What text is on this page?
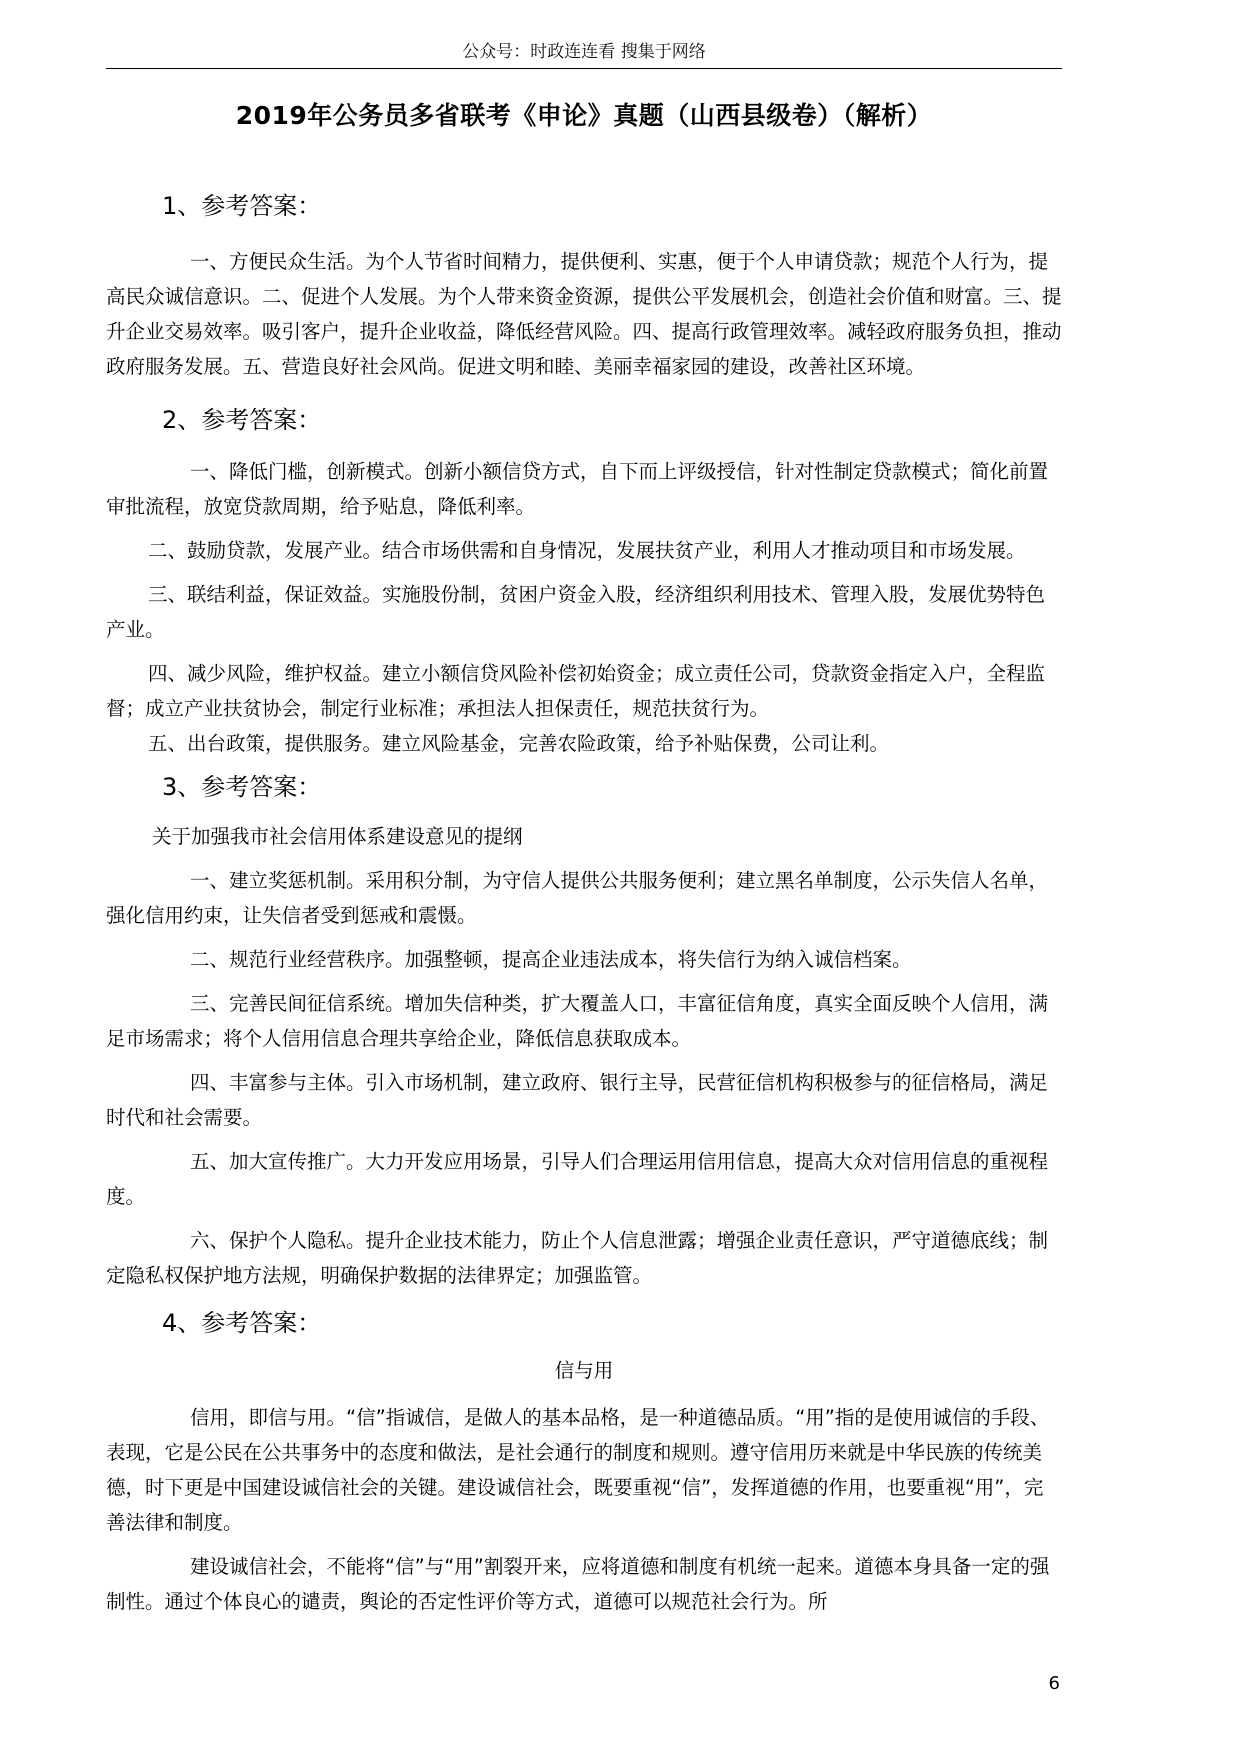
公众号：时政连连看 搜集于网络
2019年公务员多省联考《申论》真题（山西县级卷）（解析）
1、参考答案：

一、方便民众生活。为个人节省时间精力，提供便利、实惠，便于个人申请贷款；规范个人行为，提高民众诚信意识。二、促进个人发展。为个人带来资金资源，提供公平发展机会，创造社会价值和财富。三、提升企业交易效率。吸引客户，提升企业收益，降低经营风险。四、提高行政管理效率。减轻政府服务负担，推动政府服务发展。五、营造良好社会风尚。促进文明和睦、美丽幸福家园的建设，改善社区环境。

2、参考答案：

一、降低门槛，创新模式。创新小额信贷方式，自下而上评级授信，针对性制定贷款模式；简化前置审批流程，放宽贷款周期，给予贴息，降低利率。

二、鼓励贷款，发展产业。结合市场供需和自身情况，发展扶贫产业，利用人才推动项目和市场发展。

三、联结利益，保证效益。实施股份制，贫困户资金入股，经济组织利用技术、管理入股，发展优势特色产业。

四、减少风险，维护权益。建立小额信贷风险补偿初始资金；成立责任公司，贷款资金指定入户，全程监督；成立产业扶贫协会，制定行业标准；承担法人担保责任，规范扶贫行为。

五、出台政策，提供服务。建立风险基金，完善农险政策，给予补贴保费，公司让利。

3、参考答案：

关于加强我市社会信用体系建设意见的提纲

一、建立奖惩机制。采用积分制，为守信人提供公共服务便利；建立黑名单制度，公示失信人名单，强化信用约束，让失信者受到惩戒和震慑。

二、规范行业经营秩序。加强整顿，提高企业违法成本，将失信行为纳入诚信档案。

三、完善民间征信系统。增加失信种类，扩大覆盖人口，丰富征信角度，真实全面反映个人信用，满足市场需求；将个人信用信息合理共享给企业，降低信息获取成本。

四、丰富参与主体。引入市场机制，建立政府、银行主导，民营征信机构积极参与的征信格局，满足时代和社会需要。

五、加大宣传推广。大力开发应用场景，引导人们合理运用信用信息，提高大众对信用信息的重视程度。

六、保护个人隐私。提升企业技术能力，防止个人信息泄露；增强企业责任意识，严守道德底线；制定隐私权保护地方法规，明确保护数据的法律界定；加强监管。

4、参考答案：

信与用

信用，即信与用。“信”指诚信，是做人的基本品格，是一种道德品质。“用”指的是使用诚信的手段、表现，它是公民在公共事务中的态度和做法，是社会通行的制度和规则。遵守信用历来就是中华民族的传统美德，时下更是中国建设诚信社会的关键。建设诚信社会，既要重视“信”，发挥道德的作用，也要重视“用”，完善法律和制度。

建设诚信社会，不能将“信”与“用”割裂开来，应将道德和制度有机统一起来。道德本身具备一定的强制性。通过个体良心的谴责，舆论的否定性评价等方式，道德可以规范社会行为。所

6
